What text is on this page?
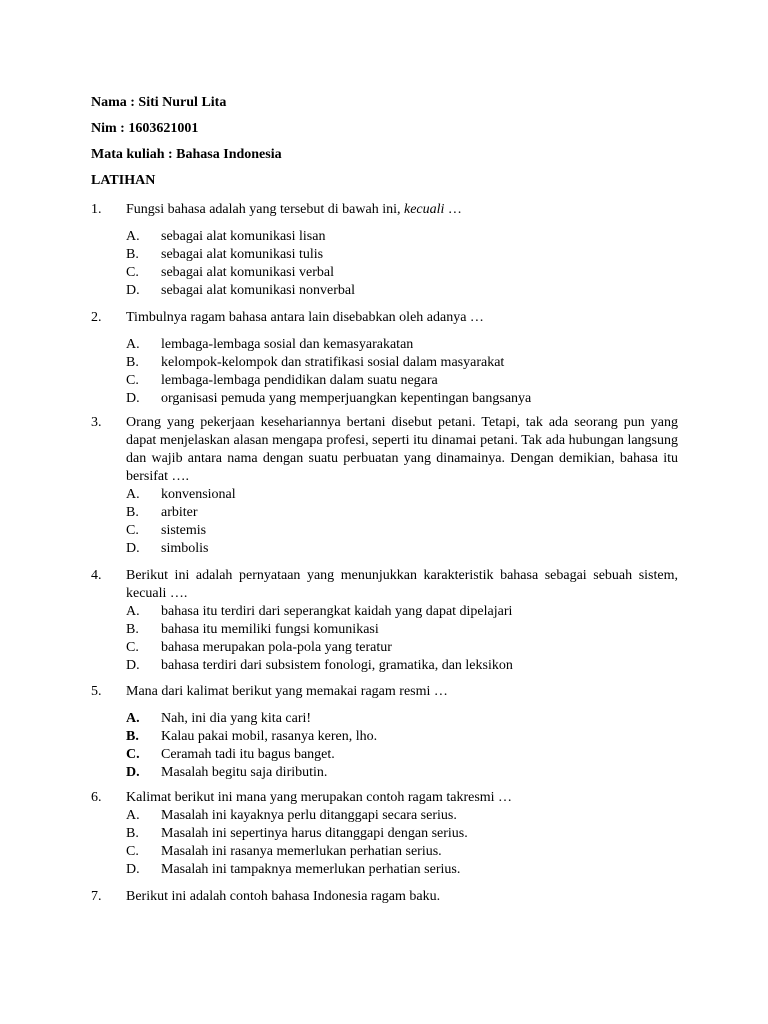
Nama : Siti Nurul Lita
Nim : 1603621001
Mata kuliah : Bahasa Indonesia
LATIHAN
1.	Fungsi bahasa adalah yang tersebut di bawah ini, kecuali …
A.	sebagai alat komunikasi lisan
B.	sebagai alat komunikasi tulis
C.	sebagai alat komunikasi verbal
D.	sebagai alat komunikasi nonverbal
2.	Timbulnya ragam bahasa antara lain disebabkan oleh adanya …
A.	lembaga-lembaga sosial dan kemasyarakatan
B.	kelompok-kelompok dan stratifikasi sosial dalam masyarakat
C.	lembaga-lembaga pendidikan dalam suatu negara
D.	organisasi pemuda yang memperjuangkan kepentingan bangsanya
3.	Orang yang pekerjaan kesehariannya bertani disebut petani. Tetapi, tak ada seorang pun yang dapat menjelaskan alasan mengapa profesi, seperti itu dinamai petani. Tak ada hubungan langsung dan wajib antara nama dengan suatu perbuatan yang dinamainya. Dengan demikian, bahasa itu bersifat ….
A.	konvensional
B.	arbiter
C.	sistemis
D.	simbolis
4.	Berikut ini adalah pernyataan yang menunjukkan karakteristik bahasa sebagai sebuah sistem, kecuali ….
A.	bahasa itu terdiri dari seperangkat kaidah yang dapat dipelajari
B.	bahasa itu memiliki fungsi komunikasi
C.	bahasa merupakan pola-pola yang teratur
D.	bahasa terdiri dari subsistem fonologi, gramatika, dan leksikon
5.	Mana dari kalimat berikut yang memakai ragam resmi …
A.	Nah, ini dia yang kita cari!
B.	Kalau pakai mobil, rasanya keren, lho.
C.	Ceramah tadi itu bagus banget.
D.	Masalah begitu saja diributin.
6.	Kalimat berikut ini mana yang merupakan contoh ragam takresmi …
A.	Masalah ini kayaknya perlu ditanggapi secara serius.
B.	Masalah ini sepertinya harus ditanggapi dengan serius.
C.	Masalah ini rasanya memerlukan perhatian serius.
D.	Masalah ini tampaknya memerlukan perhatian serius.
7.	Berikut ini adalah contoh bahasa Indonesia ragam baku.
